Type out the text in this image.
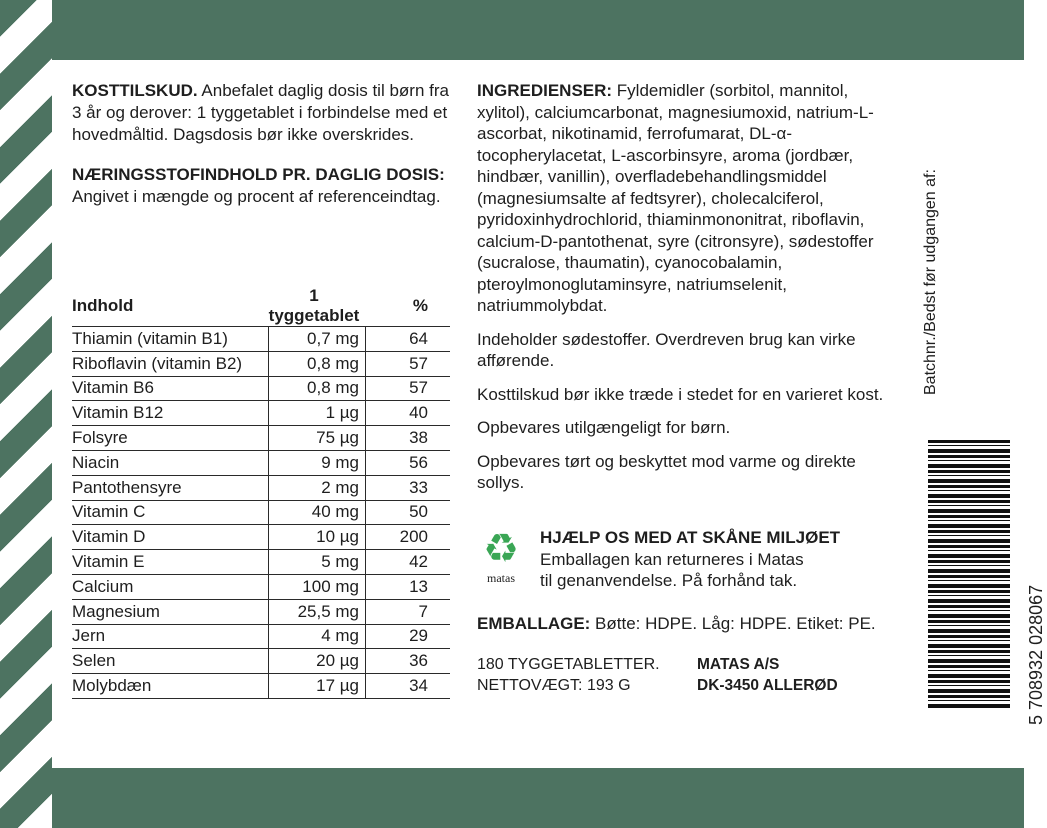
KOSTTILSKUD. Anbefalet daglig dosis til børn fra 3 år og derover: 1 tyggetablet i forbindelse med et hovedmåltid. Dagsdosis bør ikke overskrides.

NÆRINGSSTOFINDHOLD PR. DAGLIG DOSIS:
Angivet i mængde og procent af referenceindtag.

Indhold	1 tyggetablet	%
Thiamin (vitamin B1)	0,7 mg	64
Riboflavin (vitamin B2)	0,8 mg	57
Vitamin B6	0,8 mg	57
Vitamin B12	1 µg	40
Folsyre	75 µg	38
Niacin	9 mg	56
Pantothensyre	2 mg	33
Vitamin C	40 mg	50
Vitamin D	10 µg	200
Vitamin E	5 mg	42
Calcium	100 mg	13
Magnesium	25,5 mg	7
Jern	4 mg	29
Selen	20 µg	36
Molybdæn	17 µg	34

INGREDIENSER: Fyldemidler (sorbitol, mannitol, xylitol), calciumcarbonat, magnesiumoxid, natrium-L-ascorbat, nikotinamid, ferrofumarat, DL-α-tocopherylacetat, L-ascorbinsyre, aroma (jordbær, hindbær, vanillin), overfladebehandlingsmiddel (magnesiumsalte af fedtsyrer), cholecalciferol, pyridoxinhydrochlorid, thiaminmononitrat, riboflavin, calcium-D-pantothenat, syre (citronsyre), sødestoffer (sucralose, thaumatin), cyanocobalamin, pteroylmonoglutaminsyre, natriumselenit, natriummolybdat.

Indeholder sødestoffer. Overdreven brug kan virke afførende.

Kosttilskud bør ikke træde i stedet for en varieret kost.

Opbevares utilgængeligt for børn.

Opbevares tørt og beskyttet mod varme og direkte sollys.

♻
matas
HJÆLP OS MED AT SKÅNE MILJØET
Emballagen kan returneres i Matas
til genanvendelse. På forhånd tak.
EMBALLAGE: Bøtte: HDPE. Låg: HDPE. Etiket: PE.
180 TYGGETABLETTER.
NETTOVÆGT: 193 G
MATAS A/S
DK-3450 ALLERØD
Batchnr./Bedst før udgangen af:
5 708932 028067
